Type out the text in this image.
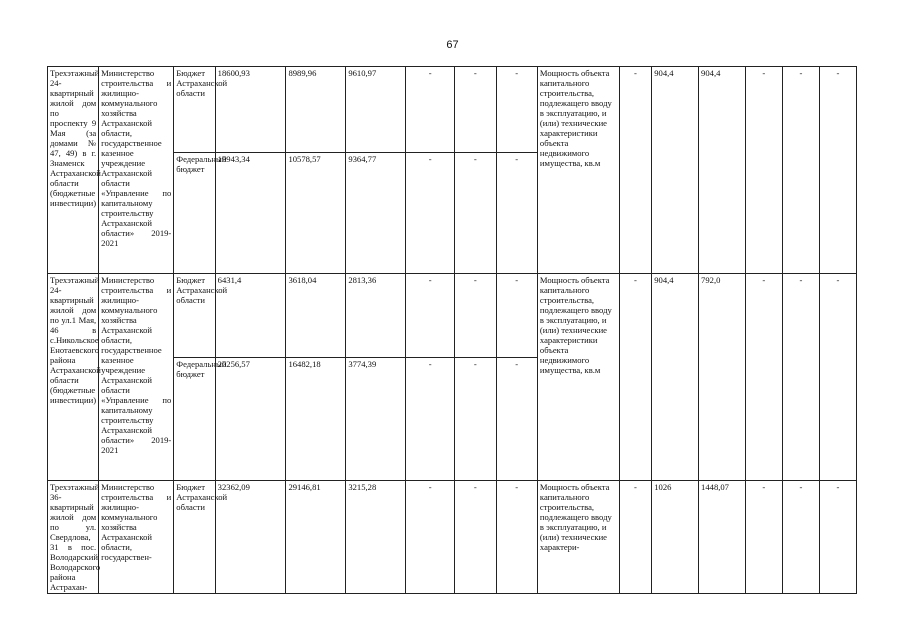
67
Трехэтажный 24-квартирный жилой дом по проспекту 9 Мая (за домами № 47, 49) в г. Знаменск Астраханской области (бюджетные инвестиции)	Министерство строительства и жилищно-коммунального хозяйства Астраханской области, государственное казенное учреждение Астраханской области «Управление по капитальному строительству Астраханской области» 2019-2021	Бюджет Астраханской области	18600,93	8989,96	9610,97	-	-	-	Мощность объекта капитального строительства, подлежащего вводу в эксплуатацию, и (или) технические характеристики объекта недвижимого имущества, кв.м	-	904,4	904,4	-	-	-
		Федеральный бюджет	19943,34	10578,57	9364,77	-	-	-							
Трехэтажный 24-квартирный жилой дом по ул.1 Мая, 46 в с.Никольское Енотаевского района Астраханской области (бюджетные инвестиции)	Министерство строительства и жилищно-коммунального хозяйства Астраханской области, государственное казенное учреждение Астраханской области «Управление по капитальному строительству Астраханской области» 2019-2021	Бюджет Астраханской области	6431,4	3618,04	2813,36	-	-	-	Мощность объекта капитального строительства, подлежащего вводу в эксплуатацию, и (или) технические характеристики объекта недвижимого имущества, кв.м	-	904,4	792,0	-	-	-
		Федеральный бюджет	20256,57	16482,18	3774,39	-	-	-							
Трехэтажный 36-квартирный жилой дом по ул. Свердлова, 31 в пос. Володарский Володарского района Астрахан-	Министерство строительства и жилищно-коммунального хозяйства Астраханской области, государствен-	Бюджет Астраханской области	32362,09	29146,81	3215,28	-	-	-	Мощность объекта капитального строительства, подлежащего вводу в эксплуатацию, и (или) технические характери-	-	1026	1448,07	-	-	-
